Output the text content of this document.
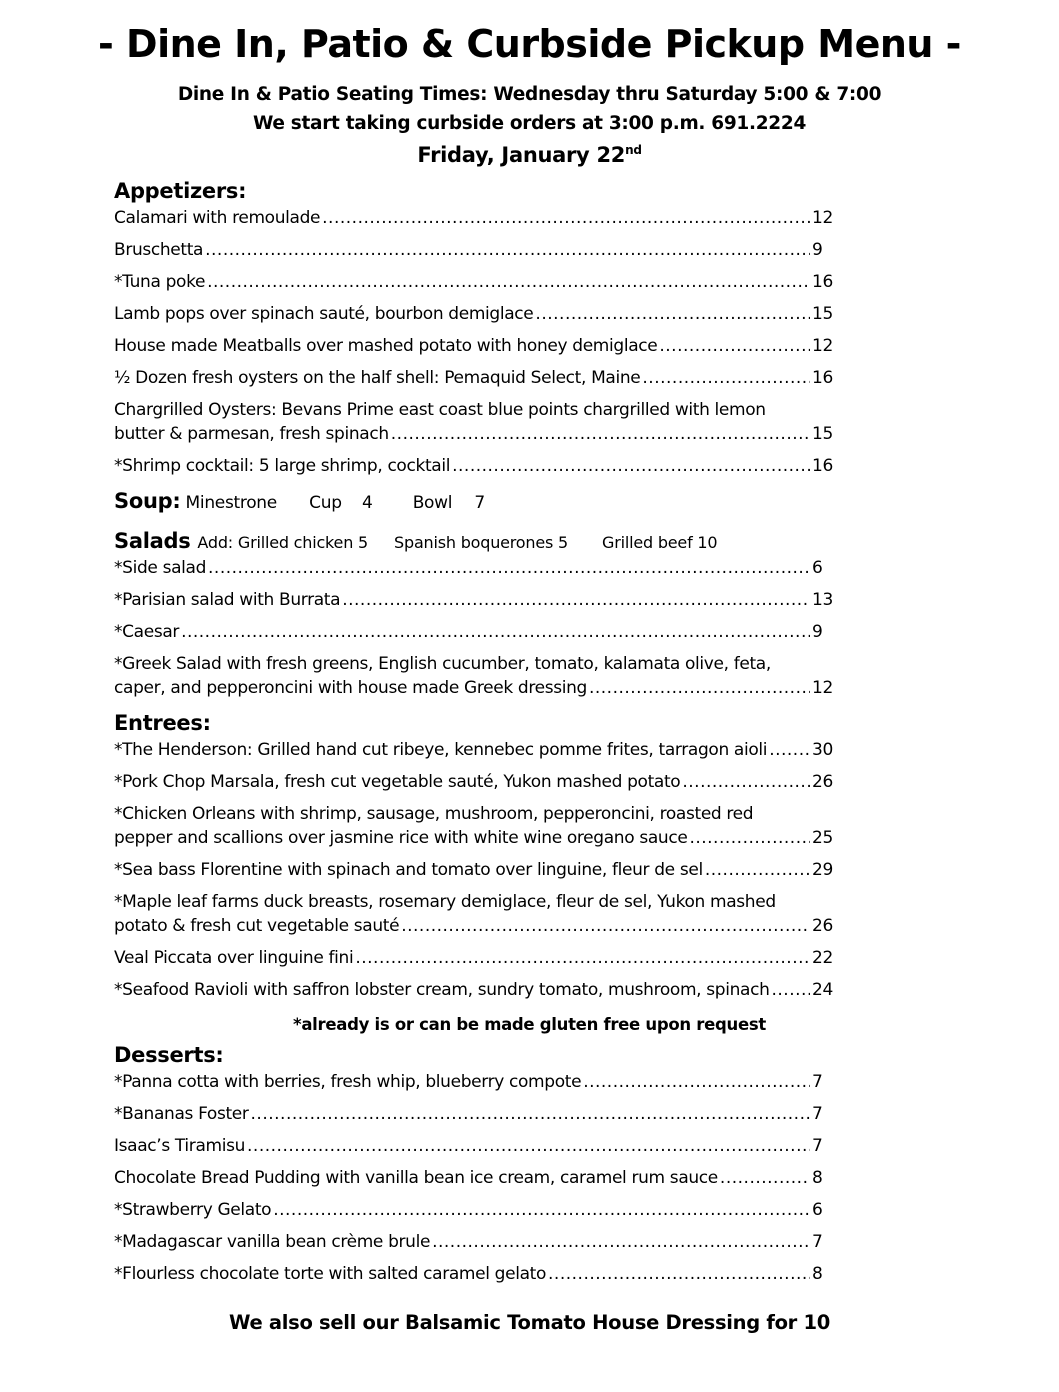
- Dine In, Patio & Curbside Pickup Menu -
Dine In & Patio Seating Times: Wednesday thru Saturday 5:00 & 7:00
We start taking curbside orders at 3:00 p.m. 691.2224
Friday, January 22nd
Appetizers:
Calamari with remoulade .....	12
Bruschetta .....	9
*Tuna poke .....	16
Lamb pops over spinach sauté, bourbon demiglace .....	15
House made Meatballs over mashed potato with honey demiglace .....	12
½ Dozen fresh oysters on the half shell: Pemaquid Select, Maine .....	16
Chargrilled Oysters: Bevans Prime east coast blue points chargrilled with lemon
butter & parmesan, fresh spinach .....	15
*Shrimp cocktail: 5 large shrimp, cocktail .....	16
Soup: Minestrone Cup 4 Bowl 7
Salads Add: Grilled chicken 5 Spanish boquerones 5 Grilled beef 10
*Side salad .....	6
*Parisian salad with Burrata .....	13
*Caesar .....	9
*Greek Salad with fresh greens, English cucumber, tomato, kalamata olive, feta,
caper, and pepperoncini with house made Greek dressing .....	12
Entrees:
*The Henderson: Grilled hand cut ribeye, kennebec pomme frites, tarragon aioli .....	30
*Pork Chop Marsala, fresh cut vegetable sauté, Yukon mashed potato .....	26
*Chicken Orleans with shrimp, sausage, mushroom, pepperoncini, roasted red
pepper and scallions over jasmine rice with white wine oregano sauce .....	25
*Sea bass Florentine with spinach and tomato over linguine, fleur de sel .....	29
*Maple leaf farms duck breasts, rosemary demiglace, fleur de sel, Yukon mashed
potato & fresh cut vegetable sauté .....	26
Veal Piccata over linguine fini .....	22
*Seafood Ravioli with saffron lobster cream, sundry tomato, mushroom, spinach .....	24
*already is or can be made gluten free upon request
Desserts:
*Panna cotta with berries, fresh whip, blueberry compote .....	7
*Bananas Foster .....	7
Isaac’s Tiramisu .....	7
Chocolate Bread Pudding with vanilla bean ice cream, caramel rum sauce .....	8
*Strawberry Gelato .....	6
*Madagascar vanilla bean crème brule .....	7
*Flourless chocolate torte with salted caramel gelato .....	8
We also sell our Balsamic Tomato House Dressing for 10
